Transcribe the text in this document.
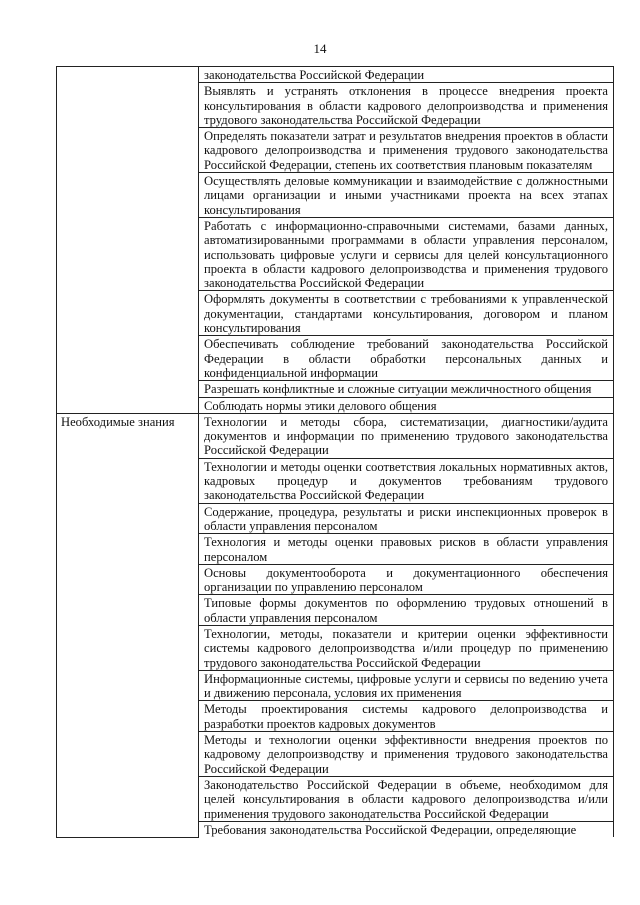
14

	законодательства Российской Федерации

	Выявлять и устранять отклонения в процессе внедрения проекта консультирования в области кадрового делопроизводства и применения трудового законодательства Российской Федерации

	Определять показатели затрат и результатов внедрения проектов в области кадрового делопроизводства и применения трудового законодательства Российской Федерации, степень их соответствия плановым показателям

	Осуществлять деловые коммуникации и взаимодействие с должностными лицами организации и иными участниками проекта на всех этапах консультирования

	Работать с информационно-справочными системами, базами данных, автоматизированными программами в области управления персоналом, использовать цифровые услуги и сервисы для целей консультационного проекта в области кадрового делопроизводства и применения трудового законодательства Российской Федерации

	Оформлять документы в соответствии с требованиями к управленческой документации, стандартами консультирования, договором и планом консультирования

	Обеспечивать соблюдение требований законодательства Российской Федерации в области обработки персональных данных и конфиденциальной информации

	Разрешать конфликтные и сложные ситуации межличностного общения

	Соблюдать нормы этики делового общения

Необходимые знания	Технологии и методы сбора, систематизации, диагностики/аудита документов и информации по применению трудового законодательства Российской Федерации

	Технологии и методы оценки соответствия локальных нормативных актов, кадровых процедур и документов требованиям трудового законодательства Российской Федерации

	Содержание, процедура, результаты и риски инспекционных проверок в области управления персоналом

	Технология и методы оценки правовых рисков в области управления персоналом

	Основы документооборота и документационного обеспечения организации по управлению персоналом

	Типовые формы документов по оформлению трудовых отношений в области управления персоналом

	Технологии, методы, показатели и критерии оценки эффективности системы кадрового делопроизводства и/или процедур по применению трудового законодательства Российской Федерации

	Информационные системы, цифровые услуги и сервисы по ведению учета и движению персонала, условия их применения

	Методы проектирования системы кадрового делопроизводства и разработки проектов кадровых документов

	Методы и технологии оценки эффективности внедрения проектов по кадровому делопроизводству и применения трудового законодательства Российской Федерации

	Законодательство Российской Федерации в объеме, необходимом для целей консультирования в области кадрового делопроизводства и/или применения трудового законодательства Российской Федерации

	Требования законодательства Российской Федерации, определяющие
